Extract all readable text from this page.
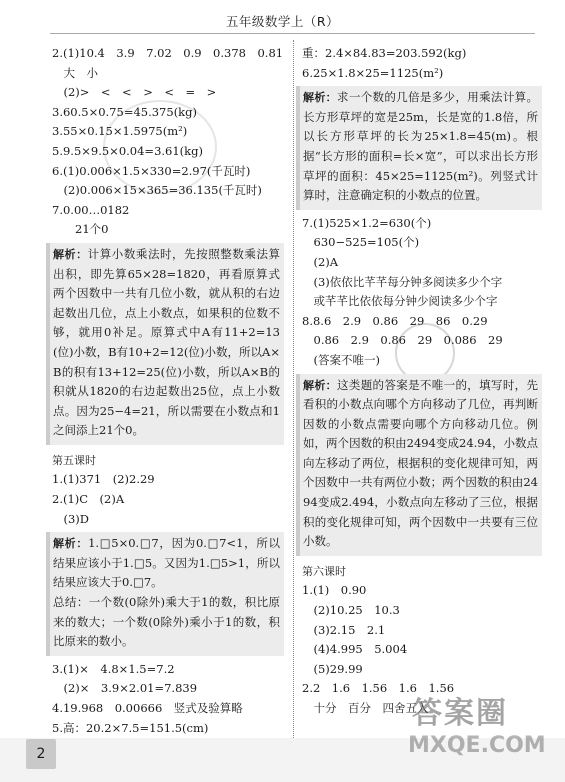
五年级数学上（R）
2.(1)10.4　3.9　7.02　0.9　0.378　0.81
　大　小
　(2)>　<　<　>　<　=　>
3.60.5×0.75=45.375(kg)
3.55×0.15×1.5975(m²)
5.9.5×9.5×0.04=3.61(kg)
6.(1)0.006×1.5×330=2.97(千瓦时)
　(2)0.006×15×365=36.135(千瓦时)
7.0.00…0182
　　21个0
解析：计算小数乘法时，先按照整数乘法算出积，即先算65×28=1820，再看原算式两个因数中一共有几位小数，就从积的右边起数出几位，点上小数点，如果积的位数不够，就用0补足。原算式中A有11+2=13(位)小数，B有10+2=12(位)小数，所以A×B的积有13+12=25(位)小数，所以A×B的积就从1820的右边起数出25位，点上小数点。因为25−4=21，所以需要在小数点和1之间添上21个0。
第五课时
1.(1)371　(2)2.29
2.(1)C　(2)A
　(3)D
解析：1.□5×0.□7，因为0.□7<1，所以结果应该小于1.□5。又因为1.□5>1，所以结果应该大于0.□7。
总结：一个数(0除外)乘大于1的数，积比原来的数大；一个数(0除外)乘小于1的数，积比原来的数小。
3.(1)×　4.8×1.5=7.2
　(2)×　3.9×2.01=7.839
4.19.968　0.00666　竖式及验算略
5.高：20.2×7.5=151.5(cm)
重：2.4×84.83=203.592(kg)
6.25×1.8×25=1125(m²)
解析：求一个数的几倍是多少，用乘法计算。长方形草坪的宽是25m，长是宽的1.8倍，所以长方形草坪的长为25×1.8=45(m)。根据“长方形的面积=长×宽”，可以求出长方形草坪的面积：45×25=1125(m²)。列竖式计算时，注意确定积的小数点的位置。
7.(1)525×1.2=630(个)
　630−525=105(个)
　(2)A
　(3)依依比芊芊每分钟多阅读多少个字
　或芊芊比依依每分钟少阅读多少个字
8.8.6　2.9　0.86　29　86　0.29
　0.86　2.9　0.86　29　0.086　29
　(答案不唯一)
解析：这类题的答案是不唯一的，填写时，先看积的小数点向哪个方向移动了几位，再判断因数的小数点需要向哪个方向移动几位。例如，两个因数的积由2494变成24.94，小数点向左移动了两位，根据积的变化规律可知，两个因数中一共有两位小数；两个因数的积由2494变成2.494，小数点向左移动了三位，根据积的变化规律可知，两个因数中一共要有三位小数。
第六课时
1.(1)　0.90
　(2)10.25　10.3
　(3)2.15　2.1
　(4)4.995　5.004
　(5)29.99
2.2　1.6　1.56　1.6　1.56
　十分　百分　四舍五入
2
答案圈
MXQE.COM
